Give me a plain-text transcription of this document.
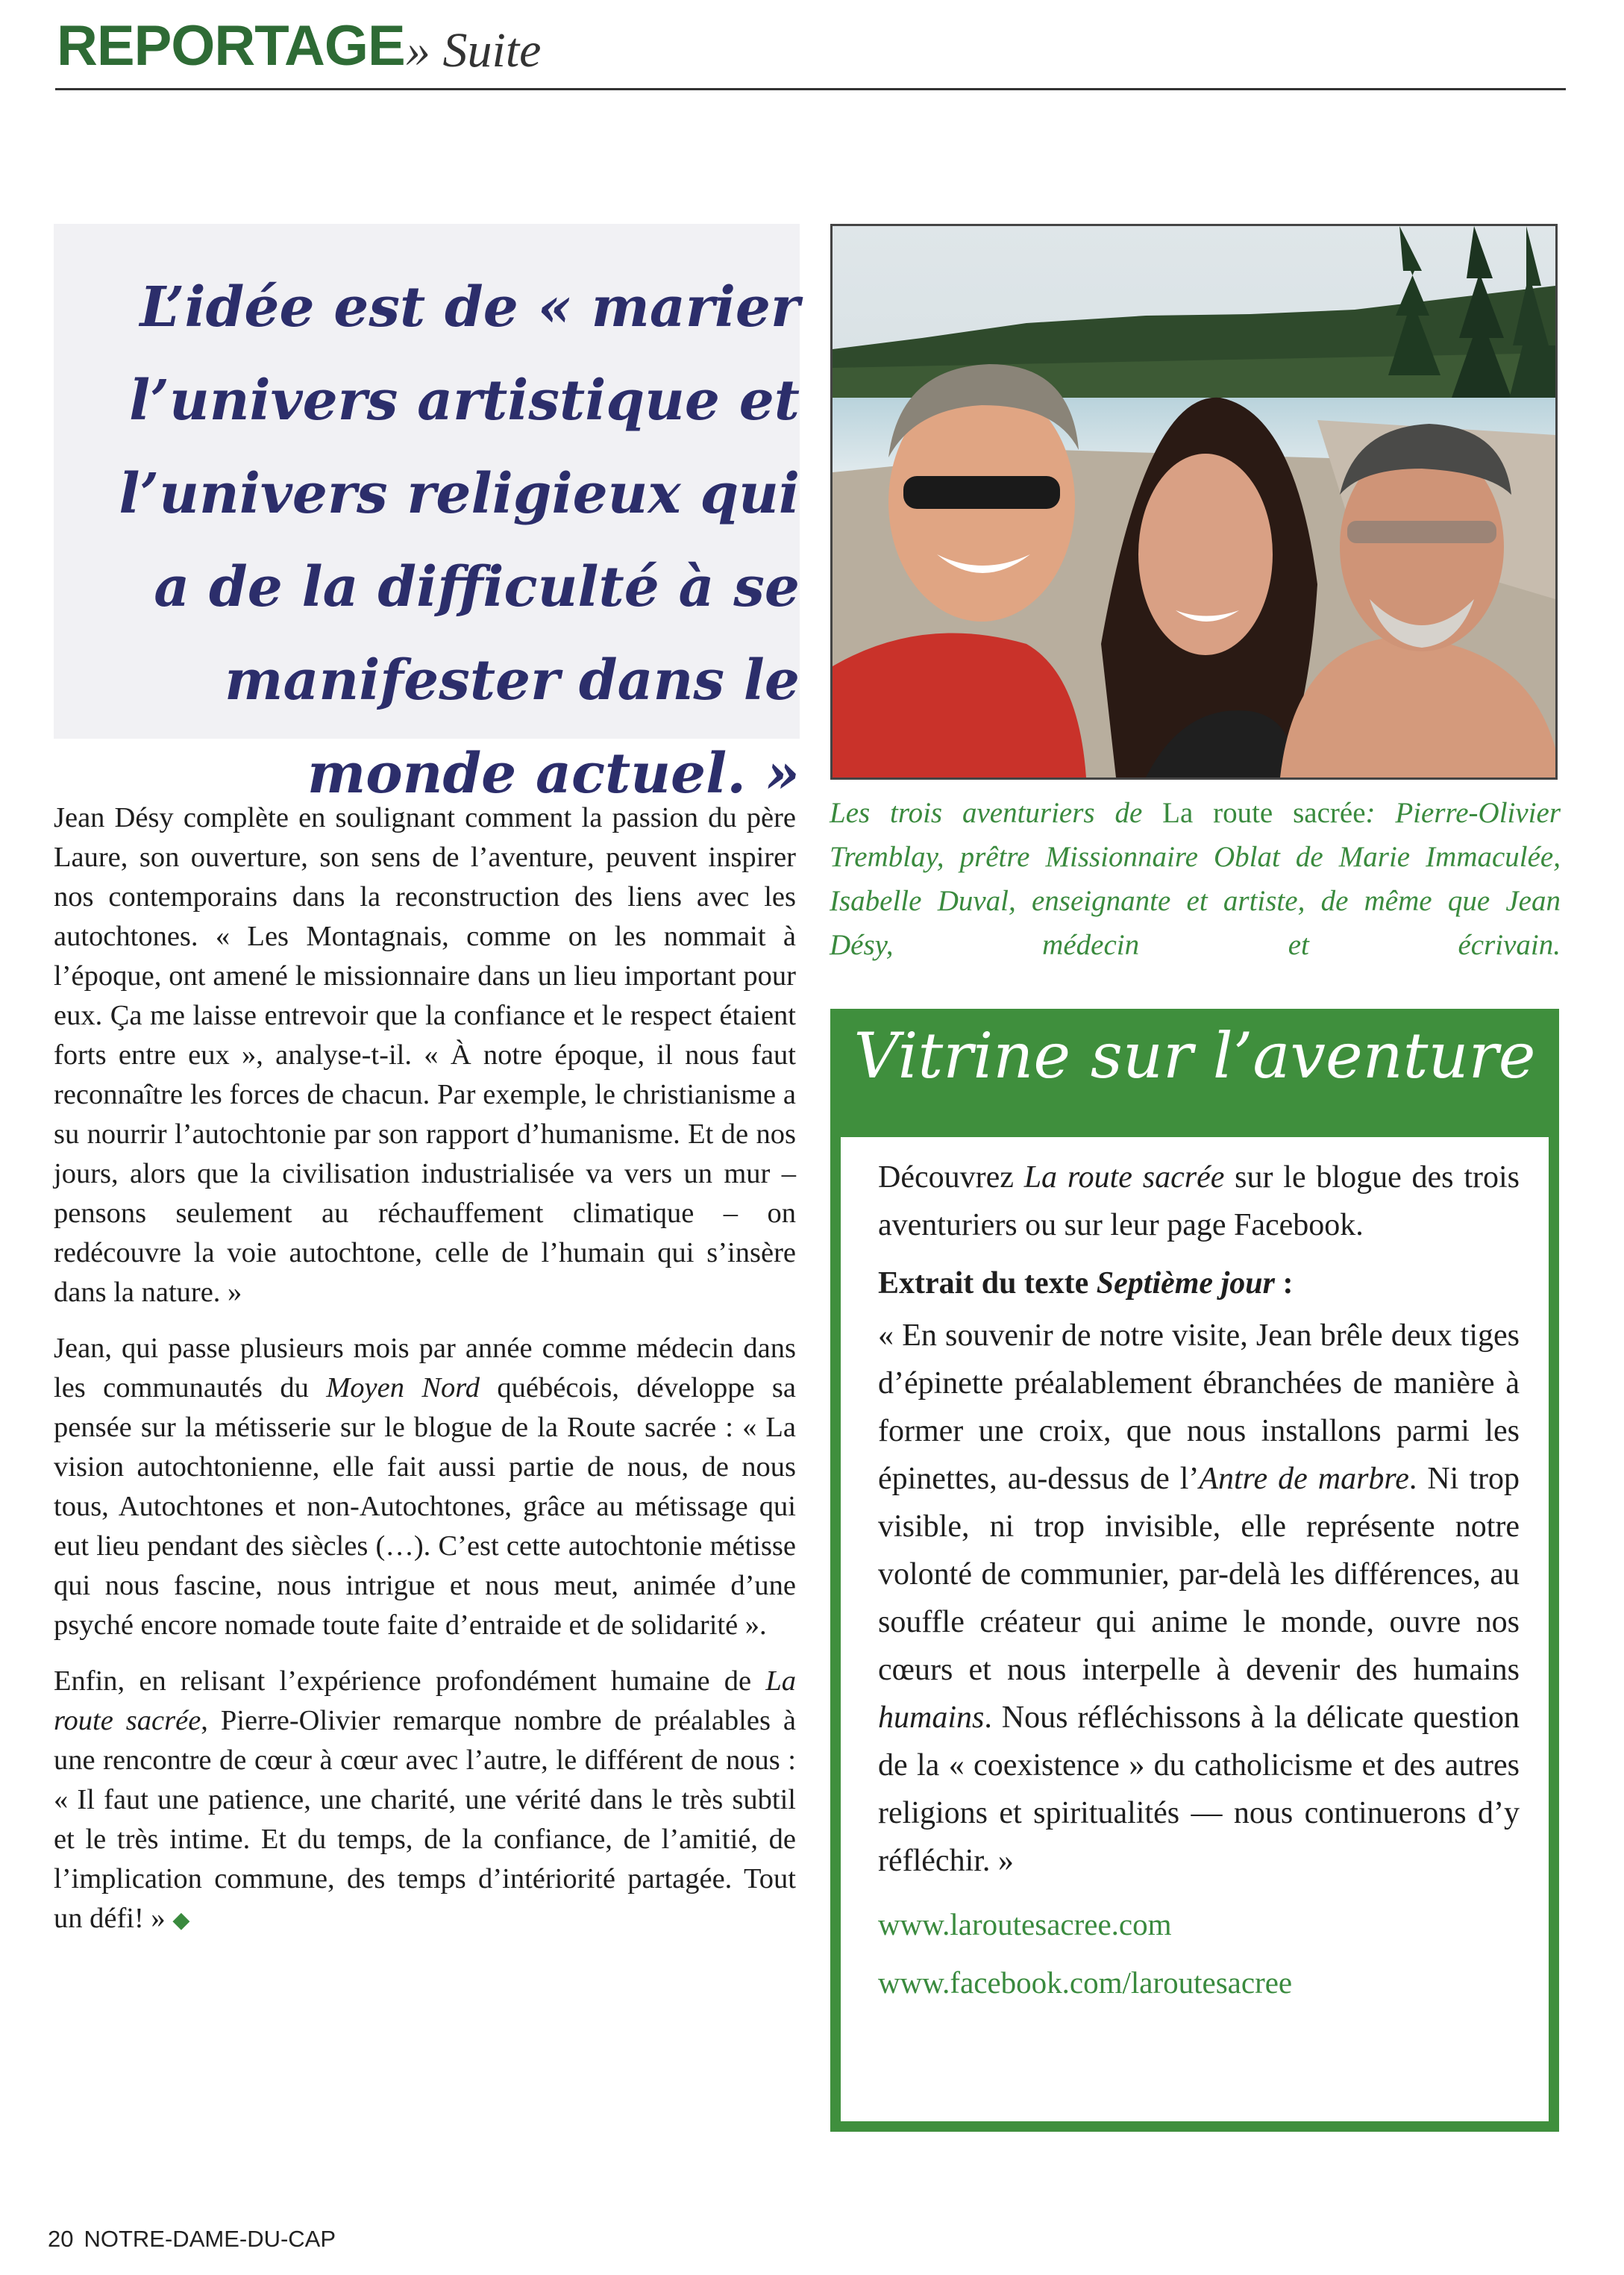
REPORTAGE » Suite

L’idée est de « marier l’univers artistique et l’univers religieux qui a de la difficulté à se manifester dans le monde actuel. »

Les trois aventuriers de La route sacrée: Pierre-Olivier Tremblay, prêtre Missionnaire Oblat de Marie Immaculée, Isabelle Duval, enseignante et artiste, de même que Jean Désy, médecin et écrivain.

Jean Désy complète en soulignant comment la passion du père Laure, son ouverture, son sens de l’aventure, peuvent inspirer nos contemporains dans la reconstruction des liens avec les autochtones. « Les Montagnais, comme on les nommait à l’époque, ont amené le missionnaire dans un lieu important pour eux. Ça me laisse entrevoir que la confiance et le respect étaient forts entre eux », analyse-t-il. « À notre époque, il nous faut reconnaître les forces de chacun. Par exemple, le christianisme a su nourrir l’autochtonie par son rapport d’humanisme. Et de nos jours, alors que la civilisation industrialisée va vers un mur – pensons seulement au réchauffement climatique – on redécouvre la voie autochtone, celle de l’humain qui s’insère dans la nature. »

Jean, qui passe plusieurs mois par année comme médecin dans les communautés du Moyen Nord québécois, développe sa pensée sur la métisserie sur le blogue de la Route sacrée : « La vision autochtonienne, elle fait aussi partie de nous, de nous tous, Autochtones et non-Autochtones, grâce au métissage qui eut lieu pendant des siècles (…). C’est cette autochtonie métisse qui nous fascine, nous intrigue et nous meut, animée d’une psyché encore nomade toute faite d’entraide et de solidarité ».

Enfin, en relisant l’expérience profondément humaine de La route sacrée, Pierre-Olivier remarque nombre de préalables à une rencontre de cœur à cœur avec l’autre, le différent de nous : « Il faut une patience, une charité, une vérité dans le très subtil et le très intime. Et du temps, de la confiance, de l’amitié, de l’implication commune, des temps d’intériorité partagée. Tout un défi! » ◆

Vitrine sur l’aventure

Découvrez La route sacrée sur le blogue des trois aventuriers ou sur leur page Facebook.

Extrait du texte Septième jour :

« En souvenir de notre visite, Jean brêle deux tiges d’épinette préalablement ébranchées de manière à former une croix, que nous installons parmi les épinettes, au-dessus de l’Antre de marbre. Ni trop visible, ni trop invisible, elle représente notre volonté de communier, par-delà les différences, au souffle créateur qui anime le monde, ouvre nos cœurs et nous interpelle à devenir des humains humains. Nous réfléchissons à la délicate question de la « coexistence » du catholicisme et des autres religions et spiritualités — nous continuerons d’y réfléchir. »

www.laroutesacree.com
www.facebook.com/laroutesacree
20 NOTRE-DAME-DU-CAP
